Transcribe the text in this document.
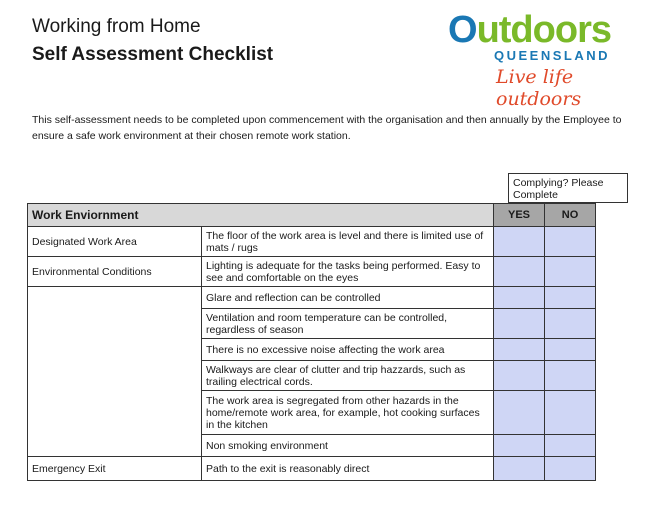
Working from Home
Self Assessment Checklist
Outdoors
QUEENSLAND
Live life outdoors
This self-assessment needs to be completed upon commencement with the organisation and then annually by the Employee to ensure a safe work environment at their chosen remote work station.
Complying? Please Complete
Work Enviornment		YES	NO
Designated Work Area	The floor of the work area is level and there is limited use of mats / rugs		
Environmental Conditions	Lighting is adequate for the tasks being performed. Easy to see and comfortable on the eyes		
	Glare and reflection can be controlled		
	Ventilation and room temperature can be controlled, regardless of season		
	There is no excessive noise affecting the work area		
	Walkways are clear of clutter and trip hazzards, such as trailing electrical cords.		
	The work area is segregated from other hazards in the home/remote work area, for example, hot cooking surfaces in the kitchen		
	Non smoking environment		
Emergency Exit	Path to the exit is reasonably direct		
